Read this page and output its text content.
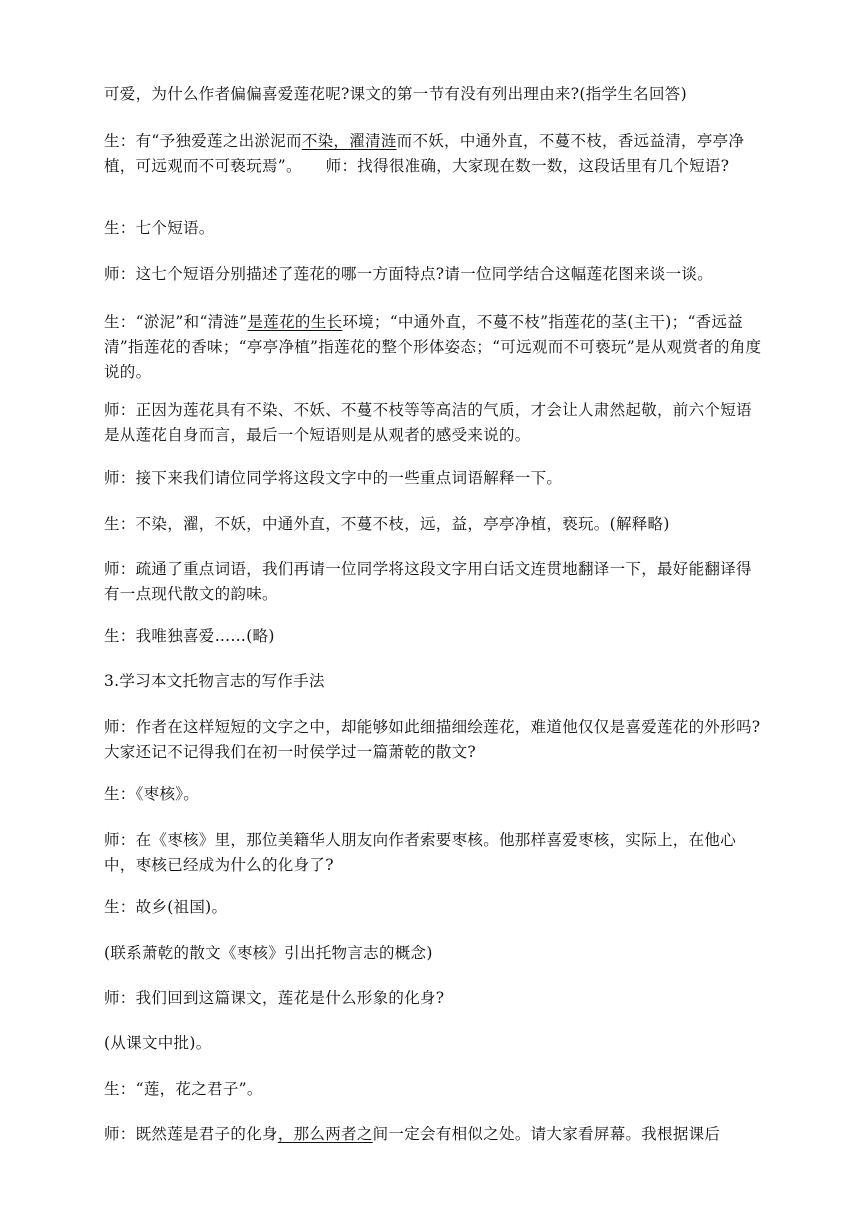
可爱，为什么作者偏偏喜爱莲花呢?课文的第一节有没有列出理由来?(指学生名回答)

生：有“予独爱莲之出淤泥而不染，濯清涟而不妖，中通外直，不蔓不枝，香远益清，亭亭净植，可远观而不可亵玩焉”。　　师：找得很准确，大家现在数一数，这段话里有几个短语?

生：七个短语。

师：这七个短语分别描述了莲花的哪一方面特点?请一位同学结合这幅莲花图来谈一谈。

生：“淤泥”和“清涟”是莲花的生长环境；“中通外直，不蔓不枝”指莲花的茎(主干)；“香远益清”指莲花的香味；“亭亭净植”指莲花的整个形体姿态；“可远观而不可亵玩”是从观赏者的角度说的。

师：正因为莲花具有不染、不妖、不蔓不枝等等高洁的气质，才会让人肃然起敬，前六个短语是从莲花自身而言，最后一个短语则是从观者的感受来说的。

师：接下来我们请位同学将这段文字中的一些重点词语解释一下。

生：不染，濯，不妖，中通外直，不蔓不枝，远，益，亭亭净植，亵玩。(解释略)

师：疏通了重点词语，我们再请一位同学将这段文字用白话文连贯地翻译一下，最好能翻译得有一点现代散文的韵味。

生：我唯独喜爱……(略)

3.学习本文托物言志的写作手法

师：作者在这样短短的文字之中，却能够如此细描细绘莲花，难道他仅仅是喜爱莲花的外形吗?大家还记不记得我们在初一时侯学过一篇萧乾的散文?

生：《枣核》。

师：在《枣核》里，那位美籍华人朋友向作者索要枣核。他那样喜爱枣核，实际上，在他心中，枣核已经成为什么的化身了?

生：故乡(祖国)。

(联系萧乾的散文《枣核》引出托物言志的概念)

师：我们回到这篇课文，莲花是什么形象的化身?

(从课文中批)。

生：“莲，花之君子”。

师：既然莲是君子的化身，那么两者之间一定会有相似之处。请大家看屏幕。我根据课后
